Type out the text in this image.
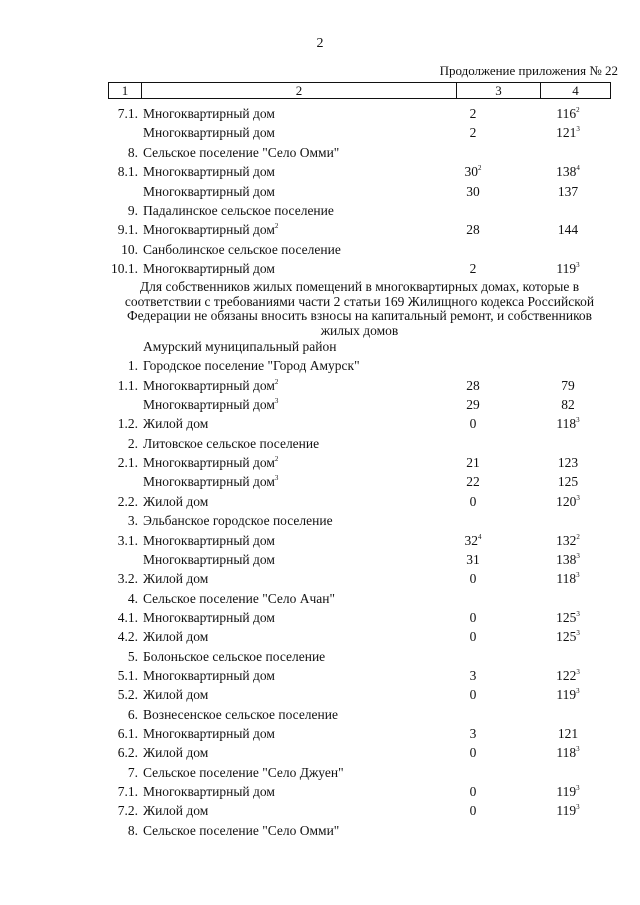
2
Продолжение приложения № 22
1	2	3	4
7.1. Многоквартирный дом	2	$116^2$
Многоквартирный дом	2	$121^3$
8. Сельское поселение "Село Омми"
8.1. Многоквартирный дом	$30^2$	$138^4$
Многоквартирный дом	30	137
9. Падалинское сельское поселение
9.1. Многоквартирный дом$^2$	28	144
10. Санболинское сельское поселение
10.1. Многоквартирный дом	2	$119^3$
Для собственников жилых помещений в многоквартирных домах, которые в соответствии с требованиями части 2 статьи 169 Жилищного кодекса Российской Федерации не обязаны вносить взносы на капитальный ремонт, и собственников жилых домов
Амурский муниципальный район
1. Городское поселение "Город Амурск"
1.1. Многоквартирный дом$^2$	28	79
Многоквартирный дом$^3$	29	82
1.2. Жилой дом	0	$118^3$
2. Литовское сельское поселение
2.1. Многоквартирный дом$^2$	21	123
Многоквартирный дом$^3$	22	125
2.2. Жилой дом	0	$120^3$
3. Эльбанское городское поселение
3.1. Многоквартирный дом	$32^4$	$132^2$
Многоквартирный дом	31	$138^3$
3.2. Жилой дом	0	$118^3$
4. Сельское поселение "Село Ачан"
4.1. Многоквартирный дом	0	$125^3$
4.2. Жилой дом	0	$125^3$
5. Болоньское сельское поселение
5.1. Многоквартирный дом	3	$122^3$
5.2. Жилой дом	0	$119^3$
6. Вознесенское сельское поселение
6.1. Многоквартирный дом	3	121
6.2. Жилой дом	0	$118^3$
7. Сельское поселение "Село Джуен"
7.1. Многоквартирный дом	0	$119^3$
7.2. Жилой дом	0	$119^3$
8. Сельское поселение "Село Омми"
